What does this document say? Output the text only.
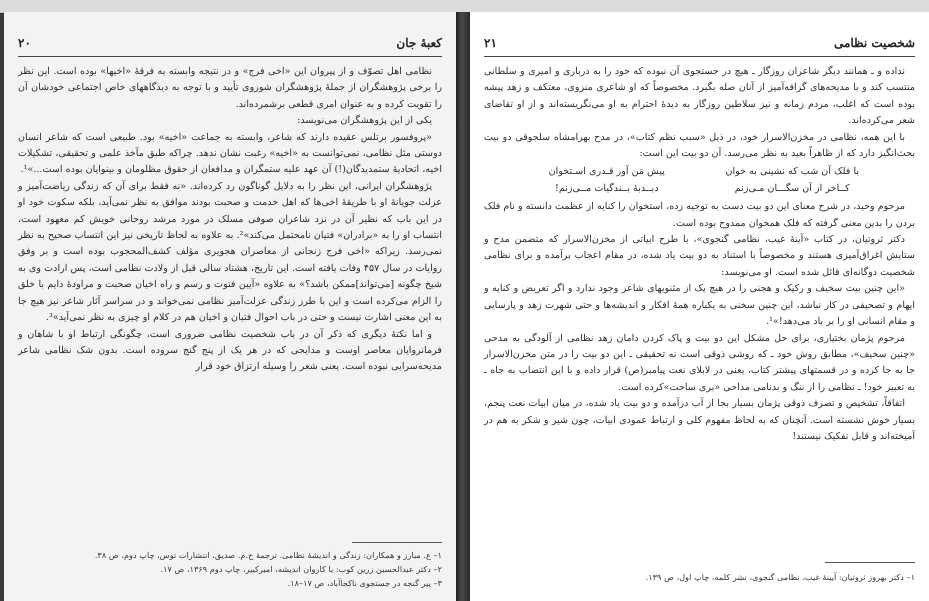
كعبهٔ جان
۲۰

نظامی اهل تصوّف و از پیروان این «اخی فرج» و در نتیجه وابسته به فرقهٔ «اخیها» بوده است. این نظر را برخی پژوهشگران از جملهٔ پژوهشگران شوروی تأیید و با توجه به دیدگاههای خاص اجتماعی خودشان آن را تقویت کرده و به عنوان امری قطعی برشمرده‌اند.

یکی از این پژوهشگران می‌نویسد:

«پروفسور برتلس عقیده دارند که شاعر، وابسته به جماعت «اخیه» بود. طبیعی است که شاعر انسان دوستی مثل نظامی، نمی‌توانست به «اخیه» رغبت نشان ندهد. چراکه طبق مآخذ علمی و تحقیقی، تشکیلات اخیه، اتحادیهٔ ستمدیدگان(!) آن عهد علیه ستمگران و مدافعان از حقوق مظلومان و بینوایان بوده است...»¹.

پژوهشگران ایرانی، این نظر را به دلایل گوناگون رد کرده‌اند. «نه فقط برای آن که زندگی ریاضت‌آمیز و عزلت جویانهٔ او با طریقهٔ اخی‌ها که اهل خدمت و صحبت بودند موافق به نظر نمی‌آید، بلکه سکوت خود او در این باب که نظیر آن در نزد شاعران صوفی مسلک در مورد مرشد روحانی خویش کم معهود است، انتساب او را به «برادران» فتیان نامحتمل می‌کند»². به علاوه به لحاظ تاریخی نیز این انتساب صحیح به نظر نمی‌رسد. زیراکه «اخی فرج زنجانی از معاصران هجویری مؤلف کشف‌المحجوب بوده است و بر وفق روایات در سال ۴۵۷ وفات یافته است. این تاریخ، هشتاد سالی قبل از ولادت نظامی است، پس ارادت وی به شیخ چگونه [می‌تواند]ممکن باشد؟» به علاوه «آیین فتوت و رسم و راه اخیان صحبت و مراودهٔ دایم با خلق را الزام می‌کرده است و این با طرز زندگی عزلت‌آمیز نظامی نمی‌خواند و در سراسر آثار شاعر نیز هیچ جا به این معنی اشارت نیست و حتی در باب احوال فتیان و اخیان هم در کلام او چیزی به نظر نمی‌آید»³.

و اما نکتهٔ دیگری که ذکر آن در باب شخصیت نظامی ضروری است، چگونگی ارتباط او با شاهان و فرمانروایان معاصر اوست و مدایحی که در هر یک از پنج گنج سروده است. بدون شک نظامی شاعر مدیحه‌سرایی نبوده است. یعنی شعر را وسیله ارتزاق خود قرار

۱– ع. مبارز و همکاران: زندگی و اندیشهٔ نظامی. ترجمهٔ ح.م. صدیق، انتشارات توس، چاپ دوم، ص ۳۸.
۲– دکتر عبدالحسین زرین کوب: با کاروان اندیشه، امیرکبیر، چاپ دوم ۱۳۶۹، ص ۱۷.
۳– پیر گنجه در جستجوی ناکجاآباد، ص ۱۷–۱۸.
شخصیت نظامی
۲۱

نداده و ـ همانند دیگر شاعران روزگار ـ هیچ در جستجوی آن نبوده که خود را به درباری و امیری و سلطانی منتسب کند و با مدیحه‌های گزافه‌آمیز از آنان صله بگیرد. مخصوصاً که او شاعری منزوی، معتکف و زهد پیشه بوده است که اغلب، مردم زمانه و نیز سلاطین روزگار به دیدهٔ احترام به او می‌نگریسته‌اند و از او تقاضای شعر می‌کرده‌اند.

با این همه، نظامی در مخزن‌الاسرار خود، در ذیل «سبب نظم کتاب»، در مدح بهرامشاه سلجوقی دو بیت بحث‌انگیز دارد که از ظاهراً بعید به نظر می‌رسد. آن دو بیت این است:

با فلک آن شب که نشینی به خوان
پیش مَن آور قـدری اسـتخوان
کــاخر از آن سگـــان مـی‌زنم
دبــدبهٔ بــندگیات مــی‌زنم!

مرحوم وحید، در شرح معنای این دو بیت دست به توجیه زده، استخوان را کنایه از عظمت دانسته و نام فلک بردن را بدین معنی گرفته که فلک همخوان ممدوح بوده است.

دکتر ثروتیان، در کتاب «آینهٔ غیب، نظامی گنجوی»، با طرح ابیاتی از مخزن‌الاسرار که متضمن مدح و ستایش اغراق‌آمیزی هستند و مخصوصاً با استناد به دو بیت یاد شده، در مقام اعجاب برآمده و برای نظامی شخصیت دوگانه‌ای قائل شده است. او می‌نویسد:

«این چنین بیت سخیف و رکیک و هجنی را در هیچ یک از مثنویهای شاعر وجود ندارد و اگر تعریض و کنایه و ایهام و تصحیفی در کار نباشد، این چنین سخنی به یکباره همهٔ افکار و اندیشه‌ها و حتی شهرت زهد و پارسایی و مقام انسانی او را بر باد می‌دهد!»¹.

مرحوم پژمان بختیاری، برای حل مشکل این دو بیت و پاک کردن دامان زهد نظامی از آلودگی به مدحی «چنین سخیف»، مطابق روش خود ـ که روشی ذوقی است نه تحقیقی ـ این دو بیت را در متن مخزن‌الاسرار جا به جا کرده و در قسمتهای پیشتر کتاب، یعنی در لابلای نعت پیامبر(ص) قرار داده و با این انتصاب به جاه ـ به تعبیر خود! ـ نظامی را از ننگ و بدنامی مداحی «بری ساحت»کرده است.

اتفاقاً، تشخیص و تصرف ذوقی پژمان بسیار بجا از آب درآمده و دو بیت یاد شده، در میان ابیات نعت پنجم، بسیار خوش نشسته است. آنچنان که به لحاظ مفهوم کلی و ارتباط عمودی ابیات، چون شیر و شکر به هم در آمیخته‌اند و قابل تفکیک نیستند!

۱– دکتر بهروز ثروتیان: آیینهٔ غیب، نظامی گنجوی، نشر کلمه، چاپ اول، ص ۱۳۹.
